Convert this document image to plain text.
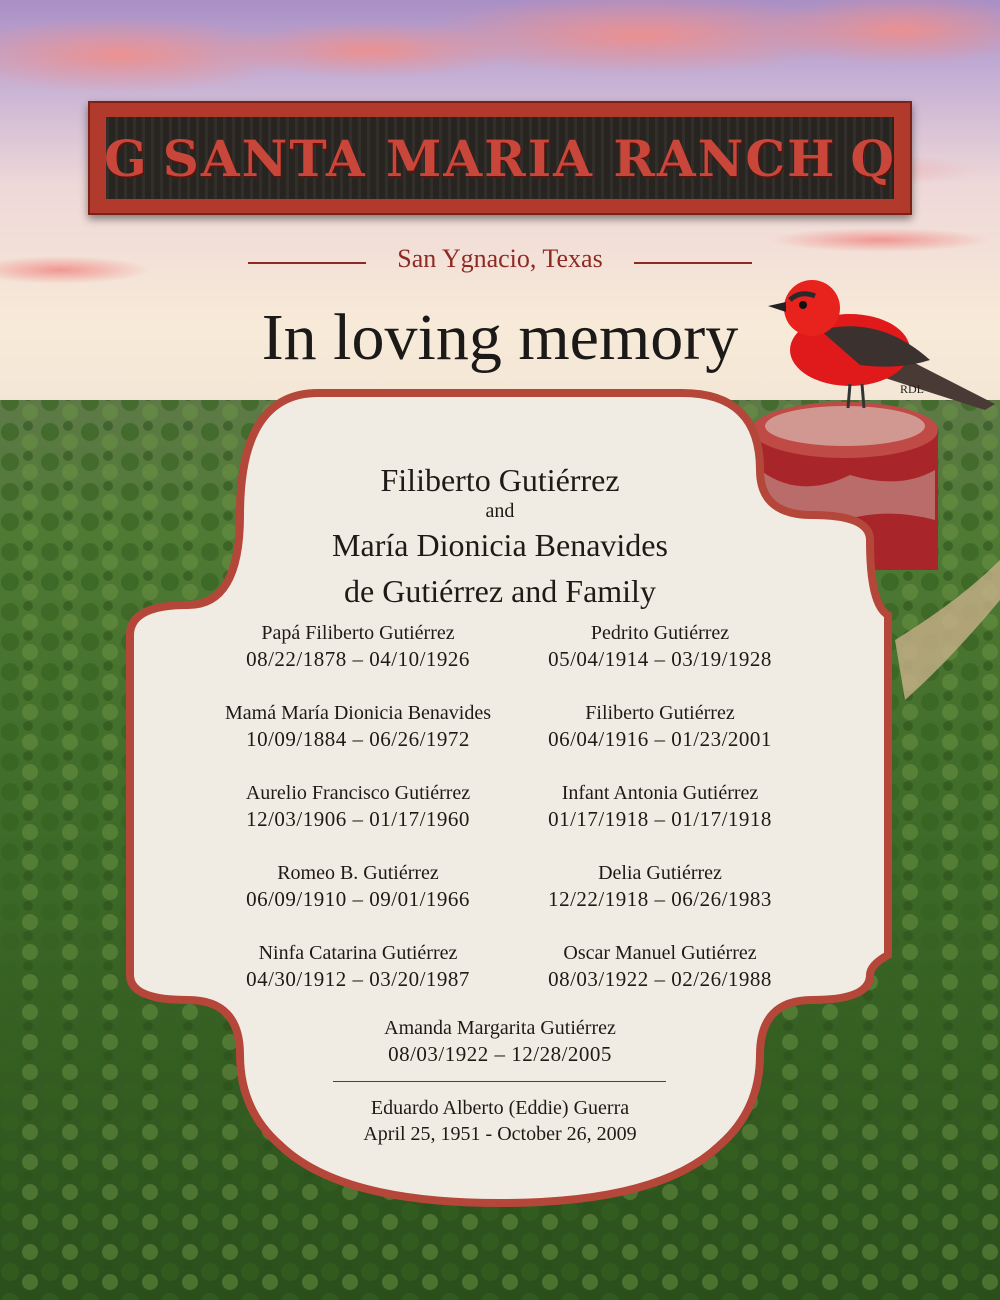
RDL
G SANTA MARIA RANCH Q
San Ygnacio, Texas
In loving memory
Filiberto Gutiérrez
and
María Dionicia Benavides
de Gutiérrez and Family
Papá Filiberto Gutiérrez
08/22/1878 – 04/10/1926
Pedrito Gutiérrez
05/04/1914 – 03/19/1928
Mamá María Dionicia Benavides
10/09/1884 – 06/26/1972
Filiberto Gutiérrez
06/04/1916 – 01/23/2001
Aurelio Francisco Gutiérrez
12/03/1906 – 01/17/1960
Infant Antonia Gutiérrez
01/17/1918 – 01/17/1918
Romeo B. Gutiérrez
06/09/1910 – 09/01/1966
Delia Gutiérrez
12/22/1918 – 06/26/1983
Ninfa Catarina Gutiérrez
04/30/1912 – 03/20/1987
Oscar Manuel Gutiérrez
08/03/1922 – 02/26/1988
Amanda Margarita Gutiérrez
08/03/1922 – 12/28/2005
Eduardo Alberto (Eddie) Guerra
April 25, 1951 - October 26, 2009
